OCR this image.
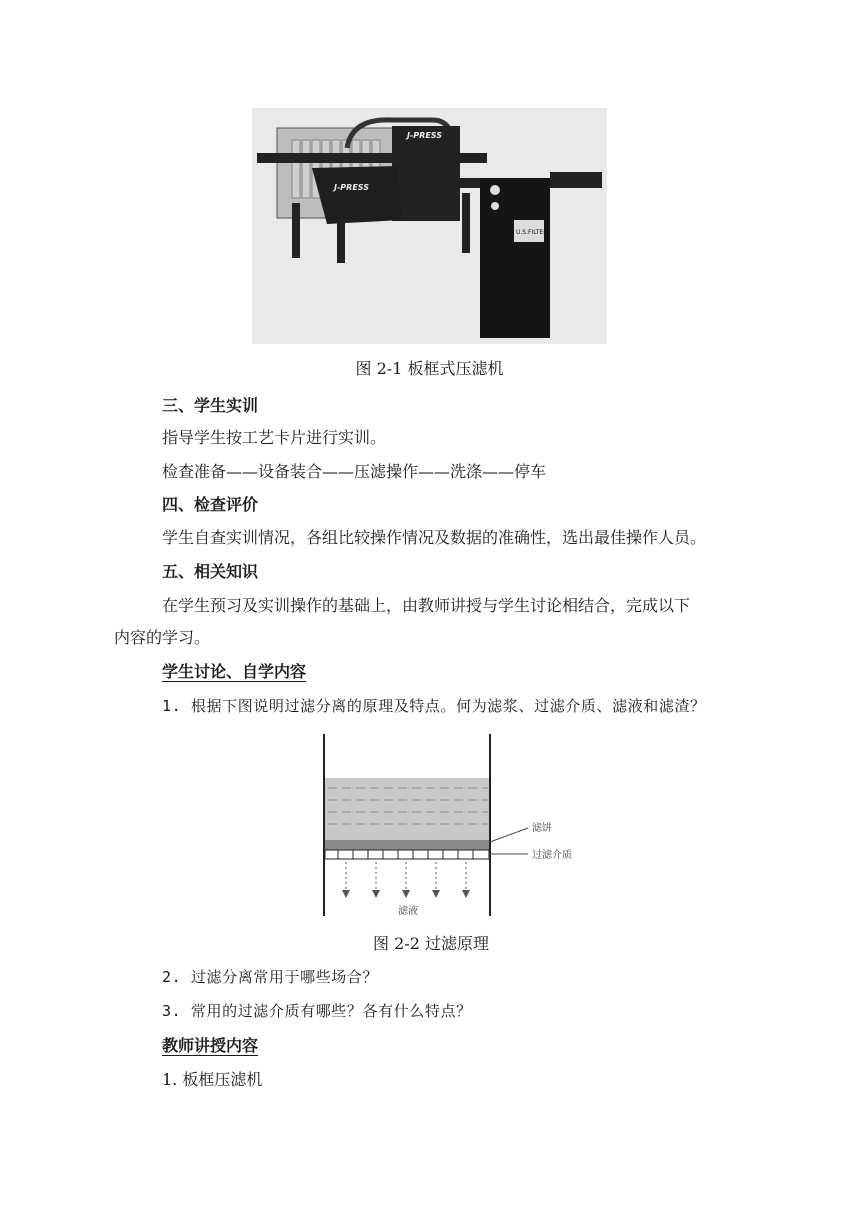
J-PRESS
J-PRESS
U.S.FILTER
图 2-1 板框式压滤机
三、学生实训
指导学生按工艺卡片进行实训。
检查准备——设备装合——压滤操作——洗涤——停车
四、检查评价
学生自查实训情况，各组比较操作情况及数据的准确性，选出最佳操作人员。
五、相关知识
在学生预习及实训操作的基础上，由教师讲授与学生讨论相结合，完成以下
内容的学习。
学生讨论、自学内容
1. 根据下图说明过滤分离的原理及特点。何为滤浆、过滤介质、滤液和滤渣？
滤饼
过滤介质
滤液
图 2-2 过滤原理
2. 过滤分离常用于哪些场合？
3. 常用的过滤介质有哪些？各有什么特点？
教师讲授内容
1. 板框压滤机
